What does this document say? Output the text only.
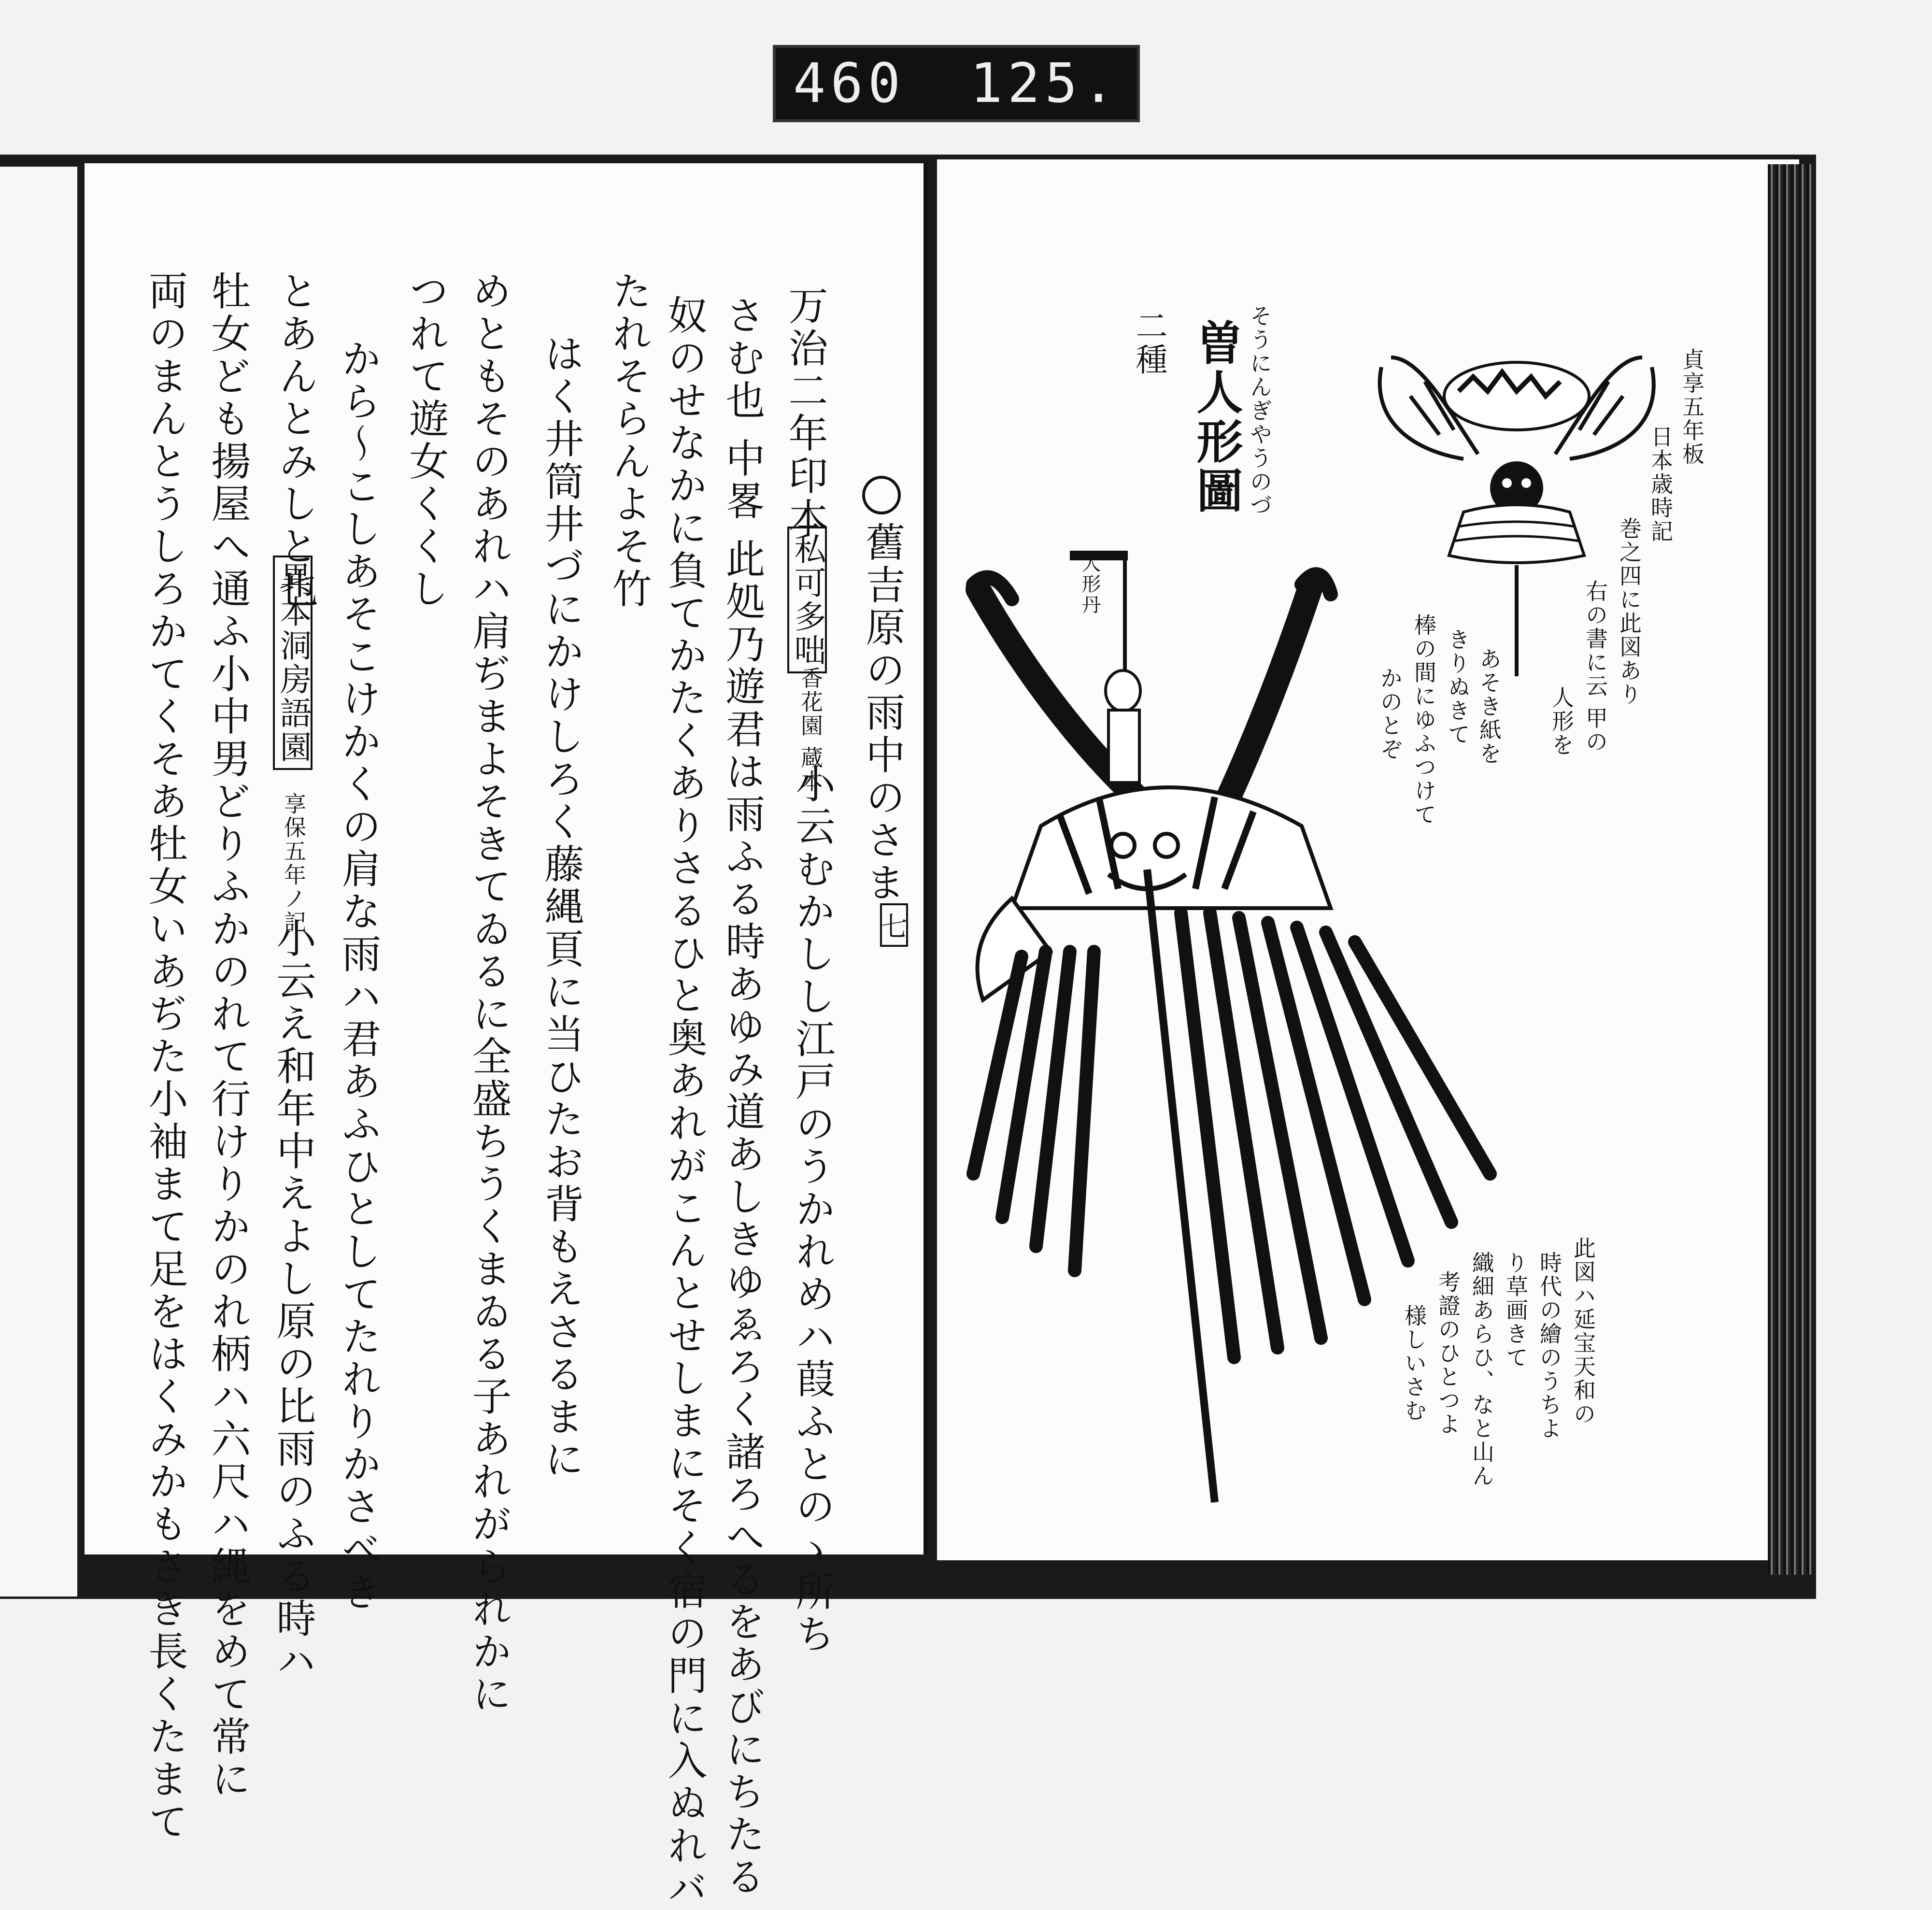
460 125.
舊吉原の雨中のさま
七
万治二年印本
私可多咄
香花園 蔵本
小云むかしし江戸のうかれめハ葭ふとのゝ所ち
さむ也 中畧 此処乃遊君は雨ふる時あゆみ道あしきゆゑろく諸ろへるをあびにちたる
奴のせなかに負てかたくありさるひと奥あれがこんとせしまにそく宿の門に入ぬれバ
たれそらんよそ竹
はく井筒井づにかけしろく藤縄頁に当ひたお背もえさるまに
めともそのあれハ肩ぢまよそきてゐるに全盛ちうくまゐる子あれがられかに
つれて遊女くくし
から～こしあそこけかくの肩な雨ハ君あふひとしてたれりかさべき
とあんとみしと也
異本洞房語園
享保五年ノ記
小云え和年中えよし原の比雨のふる時ハ
牡女ども揚屋へ通ふ小中男どりふかのれて行けりかのれ柄ハ六尺ハ縄をめて常に
両のまんとうしろかてくそあ牡女いあぢた小袖まて足をはくみかもさき長くたまて	曽人形圖 そうにんぎやうのづ
二種
貞享五年板
日本歳時記
巻之四に此図あり
右の書に云 甲の
人形を
あそき紙を
きりぬきて
棒の間にゆふつけて
かのとぞ
人形丹
此図ハ延宝天和の
時代の繪のうちよ
り草画きて
織細あらひ、なと山ん
考證のひとつよ
様しいさむ
